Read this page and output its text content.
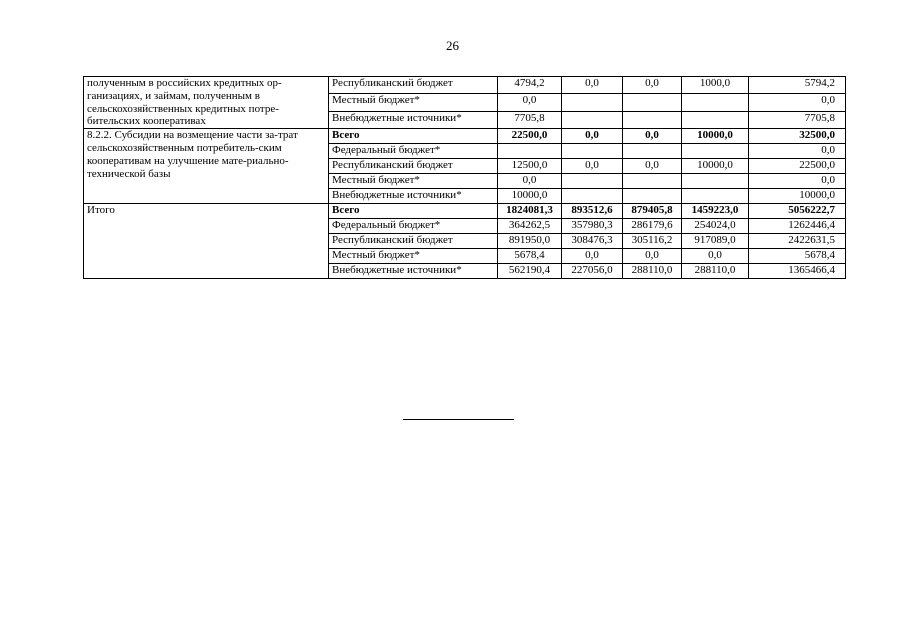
26
полученным в российских кредитных ор-ганизациях, и займам, полученным в сельскохозяйственных кредитных потре-бительских кооперативах	Республиканский бюджет	4794,2	0,0	0,0	1000,0	5794,2
	Местный бюджет*	0,0				0,0
	Внебюджетные источники*	7705,8				7705,8
8.2.2. Субсидии на возмещение части за-трат сельскохозяйственным потребитель-ским кооперативам на улучшение мате-риально-технической базы	Всего	22500,0	0,0	0,0	10000,0	32500,0
	Федеральный бюджет*					0,0
	Республиканский бюджет	12500,0	0,0	0,0	10000,0	22500,0
	Местный бюджет*	0,0				0,0
	Внебюджетные источники*	10000,0				10000,0
Итого	Всего	1824081,3	893512,6	879405,8	1459223,0	5056222,7
	Федеральный бюджет*	364262,5	357980,3	286179,6	254024,0	1262446,4
	Республиканский бюджет	891950,0	308476,3	305116,2	917089,0	2422631,5
	Местный бюджет*	5678,4	0,0	0,0	0,0	5678,4
	Внебюджетные источники*	562190,4	227056,0	288110,0	288110,0	1365466,4
